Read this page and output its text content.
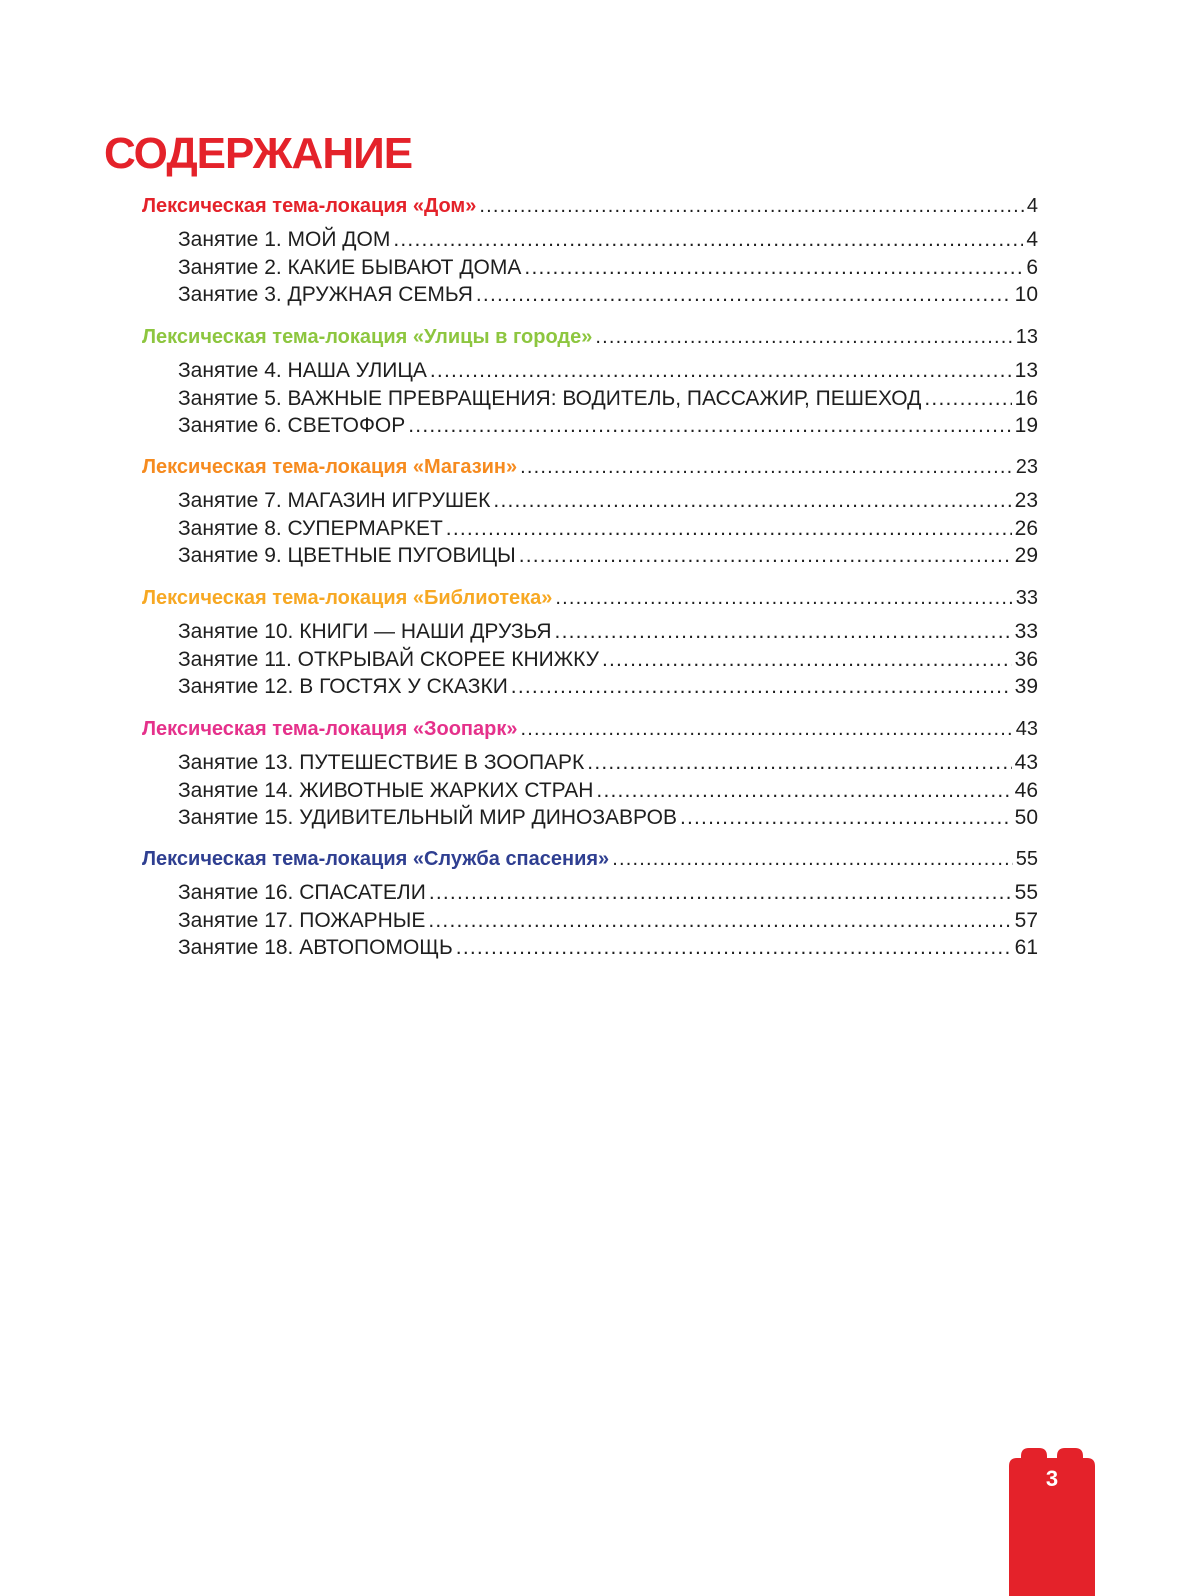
СОДЕРЖАНИЕ
Лексическая тема-локация «Дом» .....	4
Занятие 1. МОЙ ДОМ .....	4
Занятие 2. КАКИЕ БЫВАЮТ ДОМА .....	6
Занятие 3. ДРУЖНАЯ СЕМЬЯ .....	10
Лексическая тема-локация «Улицы в городе» .....	13
Занятие 4. НАША УЛИЦА .....	13
Занятие 5. ВАЖНЫЕ ПРЕВРАЩЕНИЯ: ВОДИТЕЛЬ, ПАССАЖИР, ПЕШЕХОД .....	16
Занятие 6. СВЕТОФОР .....	19
Лексическая тема-локация «Магазин» .....	23
Занятие 7. МАГАЗИН ИГРУШЕК .....	23
Занятие 8. СУПЕРМАРКЕТ .....	26
Занятие 9. ЦВЕТНЫЕ ПУГОВИЦЫ .....	29
Лексическая тема-локация «Библиотека» .....	33
Занятие 10. КНИГИ — НАШИ ДРУЗЬЯ .....	33
Занятие 11. ОТКРЫВАЙ СКОРЕЕ КНИЖКУ .....	36
Занятие 12. В ГОСТЯХ У СКАЗКИ .....	39
Лексическая тема-локация «Зоопарк» .....	43
Занятие 13. ПУТЕШЕСТВИЕ В ЗООПАРК .....	43
Занятие 14. ЖИВОТНЫЕ ЖАРКИХ СТРАН .....	46
Занятие 15. УДИВИТЕЛЬНЫЙ МИР ДИНОЗАВРОВ .....	50
Лексическая тема-локация «Служба спасения» .....	55
Занятие 16. СПАСАТЕЛИ .....	55
Занятие 17. ПОЖАРНЫЕ .....	57
Занятие 18. АВТОПОМОЩЬ .....	61
3
